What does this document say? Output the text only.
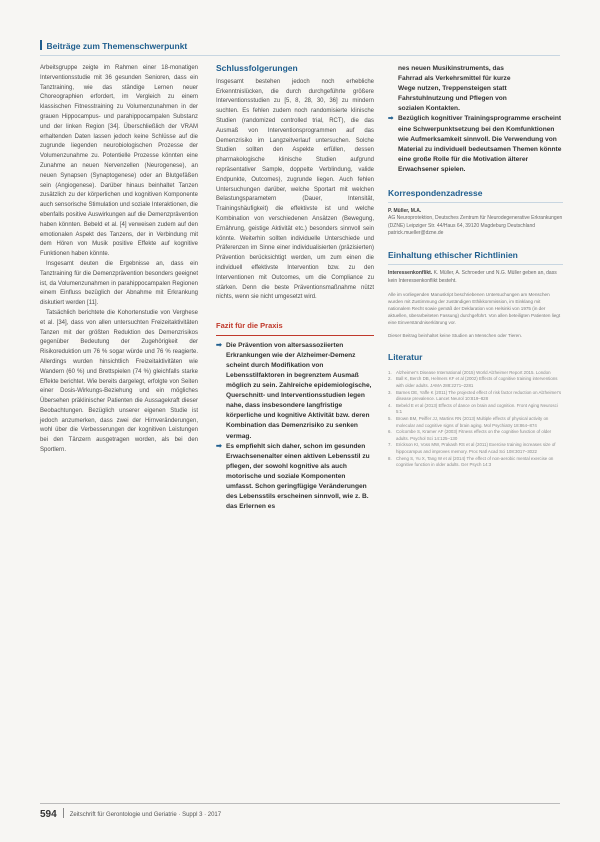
Beiträge zum Themenschwerpunkt

Arbeitsgruppe zeigte im Rahmen einer 18-monatigen Interventionsstudie mit 36 gesunden Senioren, dass ein Tanztraining, wie das ständige Lernen neuer Choreographien erfordert, im Vergleich zu einem klassischen Fitnesstraining zu Volumenzunahmen in der grauen Hippocampus- und parahippocampalen Substanz und der linken Region [34]. Überschließlich der VRAM erhaltenden Daten lassen jedoch keine Schlüsse auf die zugrunde liegenden neurobiologischen Prozesse der Volumenzunahme zu. Potentielle Prozesse könnten eine Zunahme an neuen Nervenzellen (Neurogenese), an neuen Synapsen (Synaptogenese) oder an Blutgefäßen sein (Angiogenese). Darüber hinaus beinhaltet Tanzen zusätzlich zu der körperlichen und kognitiven Komponente auch sensorische Stimulation und soziale Interaktionen, die ebenfalls positive Auswirkungen auf die Demenzprävention haben könnten. Bebeld et al. [4] verweisen zudem auf den emotionalen Aspekt des Tanzens, der in Verbindung mit dem Hören von Musik positive Effekte auf kognitive Funktionen haben könnte.

Insgesamt deuten die Ergebnisse an, dass ein Tanztraining für die Demenzprävention besonders geeignet ist, da Volumenzunahmen in parahippocampalen Regionen einem Einfluss bezüglich der Abnahme mit Erkrankung diskutiert werden [11].

Tatsächlich berichtete die Kohortenstudie von Verghese et al. [34], dass von allen untersuchten Freizeitaktivitäten Tanzen mit der größten Reduktion des Demenzrisikos gegenüber Bedeutung der Zugehörigkeit der Risikoreduktion um 76 % sogar würde und 76 % reagierte. Allerdings wurden hinsichtlich Freizeitaktivitäten wie Wandern (60 %) und Brettspielen (74 %) gleichfalls starke Effekte berichtet. Wie bereits dargelegt, erfolgte von Seiten einer Dosis-Wirkungs-Beziehung und ein mögliches Übersehen präklinischer Patienten die Aussagekraft dieser Beobachtungen. Bezüglich unserer eigenen Studie ist jedoch anzumerken, dass zwei der Hirnveränderungen, wohl über die Verbesserungen der kognitiven Leistungen bei den Tänzern ausgetragen worden, als bei den Sportlern.

Schlussfolgerungen

Insgesamt bestehen jedoch noch erhebliche Erkenntnislücken, die durch durchgeführte größere Interventionsstudien zu [5, 8, 28, 30, 36] zu mindern suchten. Es fehlen zudem noch randomisierte klinische Studien (randomized controlled trial, RCT), die das Ausmaß von Interventionsprogrammen auf das Demenzrisiko im Langzeitverlauf untersuchen. Solche Studien sollten den Aspekte erfüllen, dessen pharmakologische klinische Studien aufgrund repräsentativer Sample, doppelte Verblindung, valide Endpunkte, Outcomes), zugrunde liegen. Auch fehlen Untersuchungen darüber, welche Sportart mit welchen Belastungsparametern (Dauer, Intensität, Trainingshäufigkeit) die effektivste ist und welche Kombination von verschiedenen Ansätzen (Bewegung, Ernährung, geistige Aktivität etc.) besonders sinnvoll sein könnte. Weiterhin sollten individuelle Unterschiede und Präferenzen im Sinne einer individualisierten (präzisierten) Prävention berücksichtigt werden, um zum einen die individuell effektivste Intervention bzw. zu den Interventionen mit Outcomes, um die Compliance zu stärken. Denn die beste Präventionsmaßnahme nützt nichts, wenn sie nicht umgesetzt wird.

Fazit für die Praxis
➡ Die Prävention von altersassoziierten Erkrankungen wie der Alzheimer-Demenz scheint durch Modifikation von Lebensstilfaktoren in begrenztem Ausmaß möglich zu sein. Zahlreiche epidemiologische, Querschnitt- und Interventionsstudien legen nahe, dass insbesondere langfristige körperliche und kognitive Aktivität bzw. deren Kombination das Demenzrisiko zu senken vermag.
➡ Es empfiehlt sich daher, schon im gesunden Erwachsenenalter einen aktiven Lebensstil zu pflegen, der sowohl kognitive als auch motorische und soziale Komponenten umfasst. Schon geringfügige Veränderungen des Lebensstils erscheinen sinnvoll, wie z. B. das Erlernen es
nes neuen Musikinstruments, das
Fahrrad als Verkehrsmittel für kurze
Wege nutzen, Treppensteigen statt
Fahrstuhlnutzung und Pflegen von
sozialen Kontakten.
➡ Bezüglich kognitiver Trainingsprogramme erscheint eine Schwerpunktsetzung bei den Komfunktionen wie Aufmerksamkeit sinnvoll. Die Verwendung von Material zu individuell bedeutsamen Themen könnte eine große Rolle für die Motivation älterer Erwachsener spielen.
Korrespondenzadresse
P. Müller, M.A.
AG Neuroprotektion, Deutsches Zentrum für Neurodegenerative Erkrankungen (DZNE) Leipziger Str. 44/Haus 64, 39120 Magdeburg Deutschland
patrick.mueller@dzne.de
Einhaltung ethischer Richtlinien
Interessenkonflikt. K. Müller, A. Schroeder und N.G. Müller geben an, dass kein Interessenkonflikt besteht.
Alle im vorliegenden Manuskript beschriebenen Untersuchungen am Menschen wurden mit Zustimmung der zuständigen Ethikkommission, im Einklang mit nationalem Recht sowie gemäß der Deklaration von Helsinki von 1975 (in der aktuellen, überarbeiteten Fassung) durchgeführt. Von allen beteiligten Patienten liegt eine Einverständniserklärung vor.
Dieser Beitrag beinhaltet keine Studien an Menschen oder Tieren.
Literatur
1. Alzheimer's Disease International (2015) World Alzheimer Report 2015. London
2. Ball K, Berch DB, Helmers KF et al (2002) Effects of cognitive training interventions with older adults. JAMA 288:2271–2281
3. Barnes DE, Yaffe K (2011) The projected effect of risk factor reduction on Alzheimer's disease prevalence. Lancet Neurol 10:819–828
4. Bebeld E et al (2013) Effects of dance on brain and cognition. Front Aging Neurosci 5:1
5. Brown BM, Peiffer JJ, Martins RN (2013) Multiple effects of physical activity on molecular and cognitive signs of brain aging. Mol Psychiatry 18:864–874
6. Colcombe S, Kramer AF (2003) Fitness effects on the cognitive function of older adults. Psychol Sci 14:125–130
7. Erickson KI, Voss MW, Prakash RS et al (2011) Exercise training increases size of hippocampus and improves memory. Proc Natl Acad Sci 108:3017–3022
8. Cheng S, Yu X, Tang W et al (2014) The effect of non-aerobic mental exercise on cognitive function in older adults. Ger Psych 14:3
594 Zeitschrift für Gerontologie und Geriatrie · Suppl 3 · 2017
